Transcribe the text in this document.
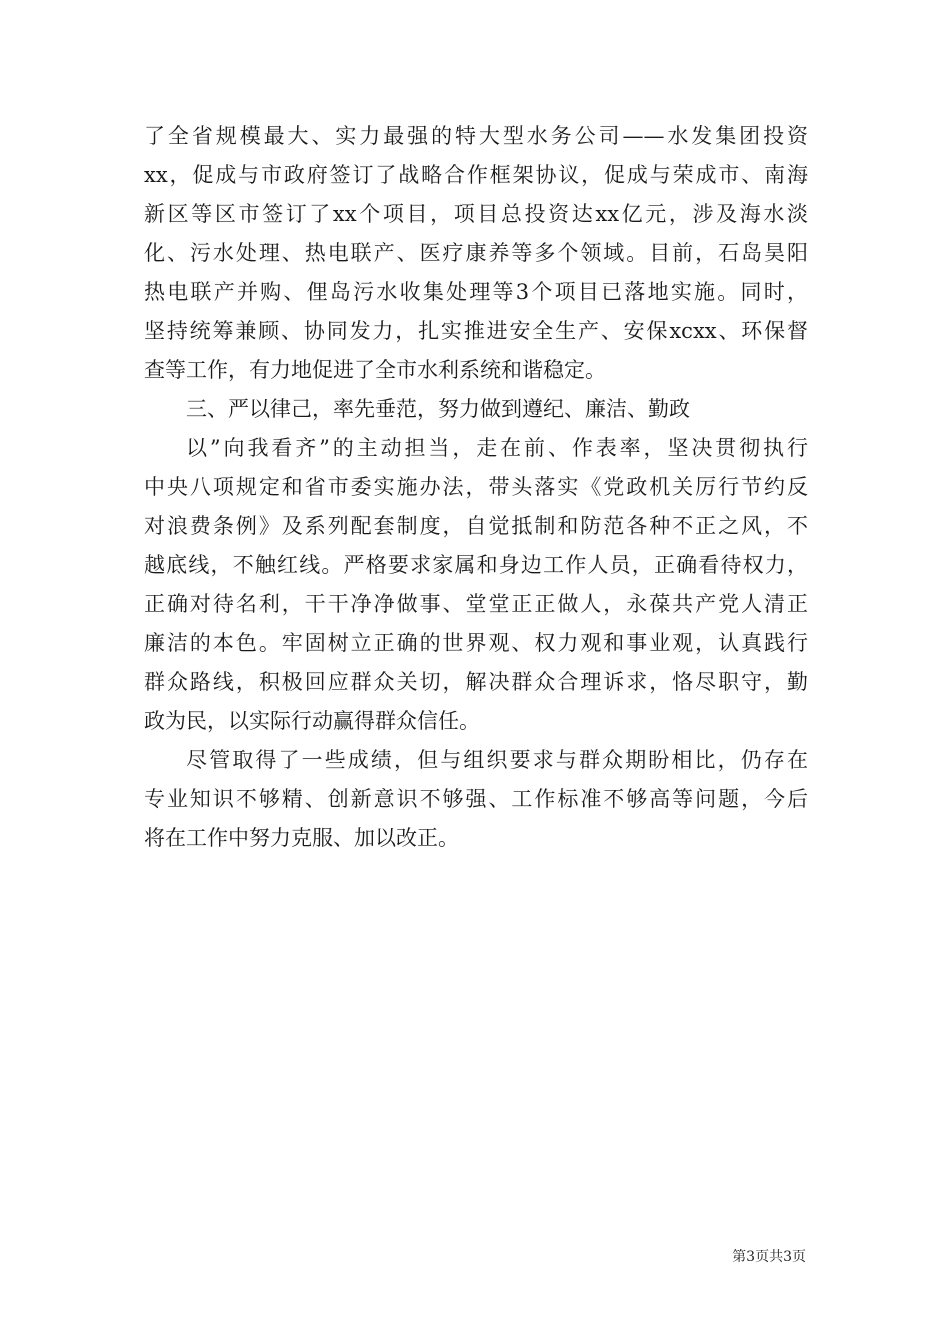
了全省规模最大、实力最强的特大型水务公司——水发集团投资
xx，促成与市政府签订了战略合作框架协议，促成与荣成市、南海
新区等区市签订了xx个项目，项目总投资达xx亿元，涉及海水淡
化、污水处理、热电联产、医疗康养等多个领域。目前，石岛昊阳
热电联产并购、俚岛污水收集处理等3个项目已落地实施。同时，
坚持统筹兼顾、协同发力，扎实推进安全生产、安保xcxx、环保督
查等工作，有力地促进了全市水利系统和谐稳定。
三、严以律己，率先垂范，努力做到遵纪、廉洁、勤政
以”向我看齐”的主动担当，走在前、作表率，坚决贯彻执行
中央八项规定和省市委实施办法，带头落实《党政机关厉行节约反
对浪费条例》及系列配套制度，自觉抵制和防范各种不正之风，不
越底线，不触红线。严格要求家属和身边工作人员，正确看待权力，
正确对待名利，干干净净做事、堂堂正正做人，永葆共产党人清正
廉洁的本色。牢固树立正确的世界观、权力观和事业观，认真践行
群众路线，积极回应群众关切，解决群众合理诉求，恪尽职守，勤
政为民，以实际行动赢得群众信任。
尽管取得了一些成绩，但与组织要求与群众期盼相比，仍存在
专业知识不够精、创新意识不够强、工作标准不够高等问题，今后
将在工作中努力克服、加以改正。
第3页共3页
